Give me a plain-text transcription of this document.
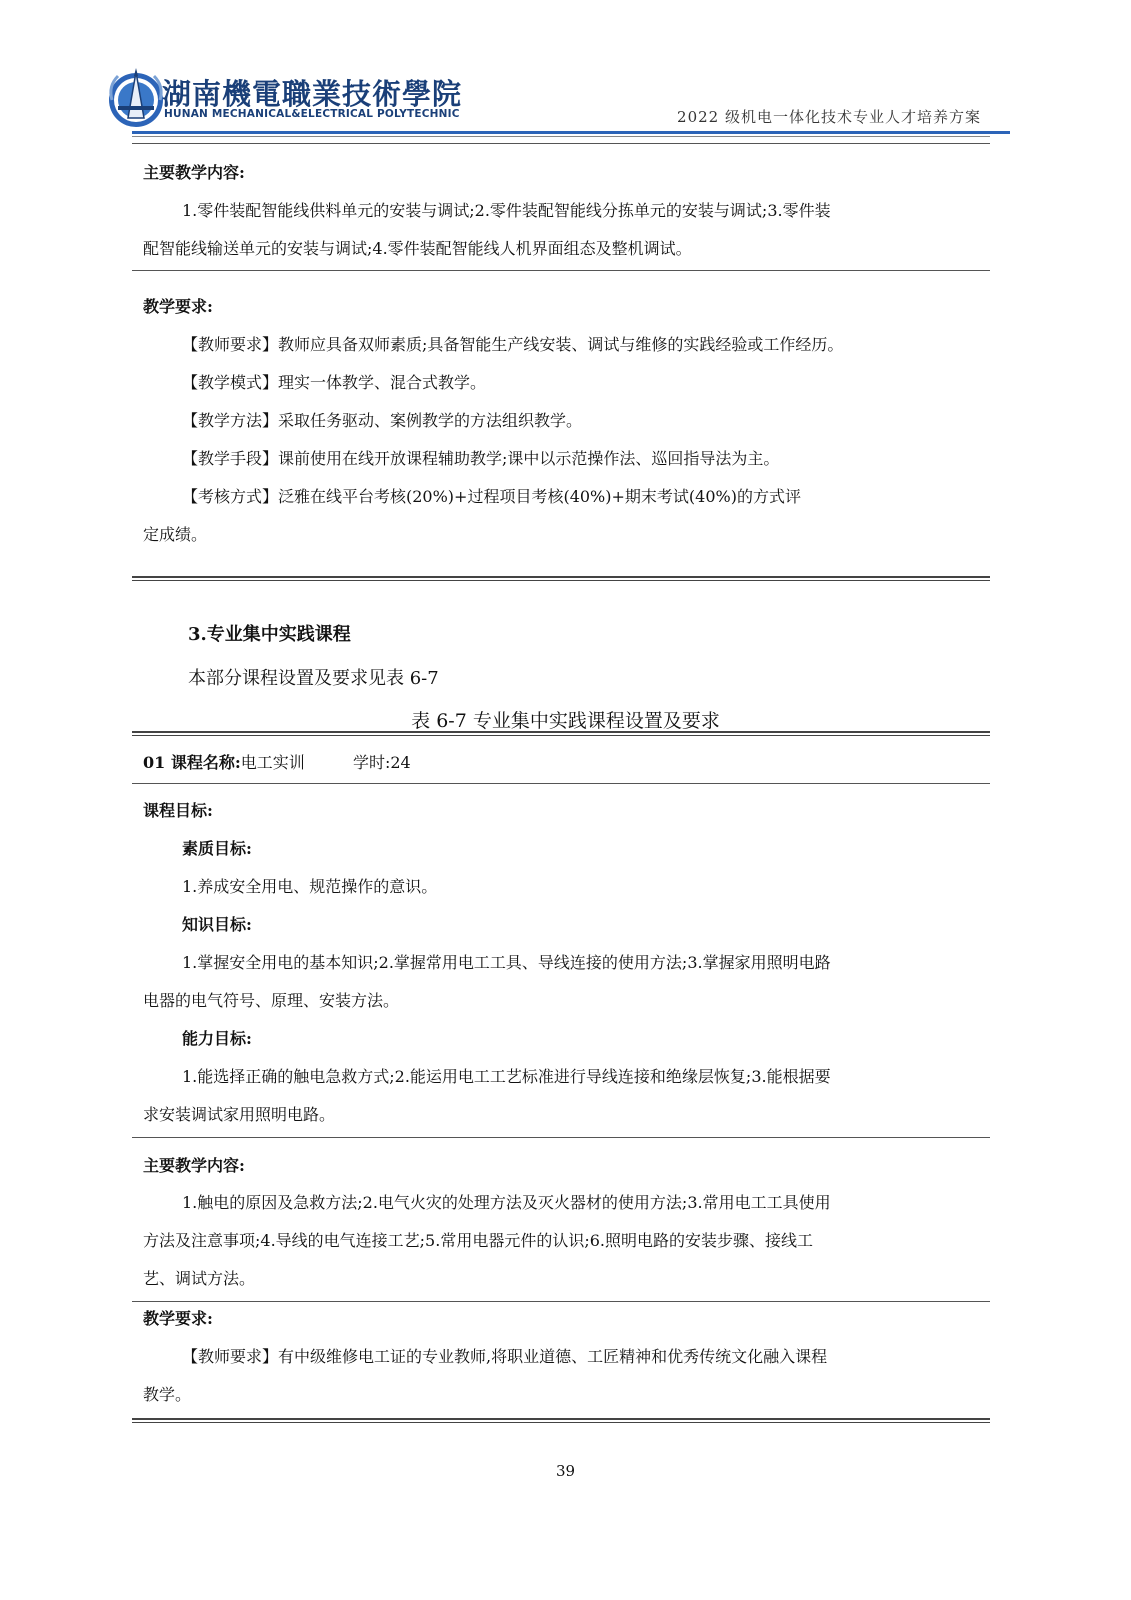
湖南機電職業技術學院
HUNAN MECHANICAL&ELECTRICAL POLYTECHNIC	2022 级机电一体化技术专业人才培养方案
主要教学内容:
1.零件装配智能线供料单元的安装与调试;2.零件装配智能线分拣单元的安装与调试;3.零件装
配智能线输送单元的安装与调试;4.零件装配智能线人机界面组态及整机调试。
教学要求:
【教师要求】教师应具备双师素质;具备智能生产线安装、调试与维修的实践经验或工作经历。
【教学模式】理实一体教学、混合式教学。
【教学方法】采取任务驱动、案例教学的方法组织教学。
【教学手段】课前使用在线开放课程辅助教学;课中以示范操作法、巡回指导法为主。
【考核方式】泛雅在线平台考核(20%)+过程项目考核(40%)+期末考试(40%)的方式评
定成绩。
3.专业集中实践课程
本部分课程设置及要求见表 6-7
表 6-7 专业集中实践课程设置及要求
01 课程名称:电工实训	学时:24
课程目标:
素质目标:
1.养成安全用电、规范操作的意识。
知识目标:
1.掌握安全用电的基本知识;2.掌握常用电工工具、导线连接的使用方法;3.掌握家用照明电路
电器的电气符号、原理、安装方法。
能力目标:
1.能选择正确的触电急救方式;2.能运用电工工艺标准进行导线连接和绝缘层恢复;3.能根据要
求安装调试家用照明电路。
主要教学内容:
1.触电的原因及急救方法;2.电气火灾的处理方法及灭火器材的使用方法;3.常用电工工具使用
方法及注意事项;4.导线的电气连接工艺;5.常用电器元件的认识;6.照明电路的安装步骤、接线工
艺、调试方法。
教学要求:
【教师要求】有中级维修电工证的专业教师,将职业道德、工匠精神和优秀传统文化融入课程
教学。
39
